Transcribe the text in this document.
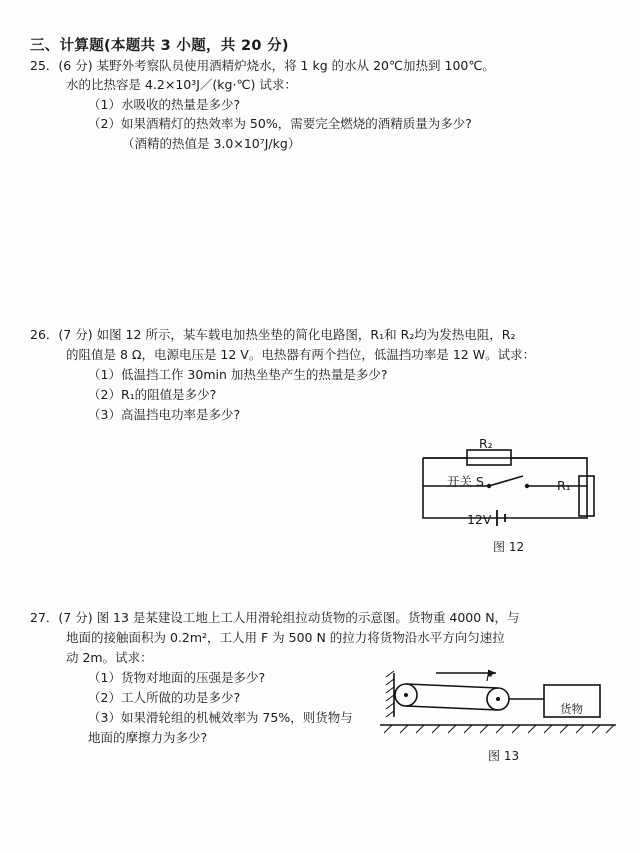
三、计算题(本题共 3 小题，共 20 分)
25．(6 分) 某野外考察队员使用酒精炉烧水，将 1 kg 的水从 20℃加热到 100℃。
水的比热容是 4.2×10³J／(kg·℃) 试求：
（1）水吸收的热量是多少?
（2）如果酒精灯的热效率为 50%，需要完全燃烧的酒精质量为多少?
（酒精的热值是 3.0×10⁷J/kg）
26．(7 分) 如图 12 所示，某车载电加热坐垫的简化电路图，R₁和 R₂均为发热电阻，R₂
的阻值是 8 Ω，电源电压是 12 V。电热器有两个挡位，低温挡功率是 12 W。试求：
（1）低温挡工作 30min 加热坐垫产生的热量是多少?
（2）R₁的阻值是多少?
（3）高温挡电功率是多少?
R₂
R₁
开关 S
12V
图 12
27．(7 分) 图 13 是某建设工地上工人用滑轮组拉动货物的示意图。货物重 4000 N，与
地面的接触面积为 0.2m²，工人用 F 为 500 N 的拉力将货物沿水平方向匀速拉
动 2m。试求：
（1）货物对地面的压强是多少?
（2）工人所做的功是多少?
（3）如果滑轮组的机械效率为 75%，则货物与
地面的摩擦力为多少?
F
货物
图 13
